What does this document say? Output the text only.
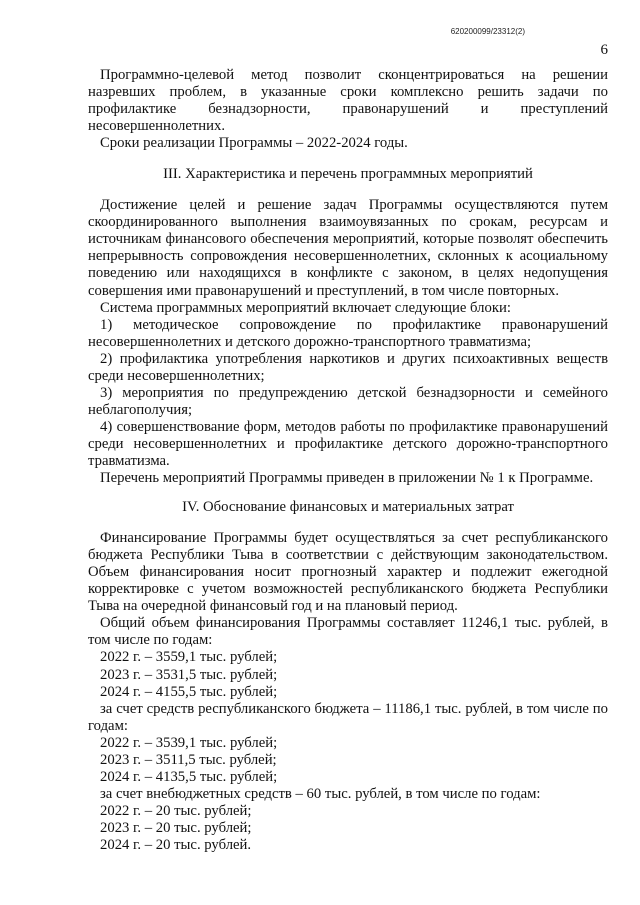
620200099/23312(2)
6

Программно-целевой метод позволит сконцентрироваться на решении назревших проблем, в указанные сроки комплексно решить задачи по профилактике безнадзорности, правонарушений и преступлений несовершеннолетних.

Сроки реализации Программы – 2022-2024 годы.

III. Характеристика и перечень программных мероприятий

Достижение целей и решение задач Программы осуществляются путем скоординированного выполнения взаимоувязанных по срокам, ресурсам и источникам финансового обеспечения мероприятий, которые позволят обеспечить непрерывность сопровождения несовершеннолетних, склонных к асоциальному поведению или находящихся в конфликте с законом, в целях недопущения совершения ими правонарушений и преступлений, в том числе повторных.

Система программных мероприятий включает следующие блоки:

1) методическое сопровождение по профилактике правонарушений несовершеннолетних и детского дорожно-транспортного травматизма;

2) профилактика употребления наркотиков и других психоактивных веществ среди несовершеннолетних;

3) мероприятия по предупреждению детской безнадзорности и семейного неблагополучия;

4) совершенствование форм, методов работы по профилактике правонарушений среди несовершеннолетних и профилактике детского дорожно-транспортного травматизма.

Перечень мероприятий Программы приведен в приложении № 1 к Программе.

IV. Обоснование финансовых и материальных затрат

Финансирование Программы будет осуществляться за счет республиканского бюджета Республики Тыва в соответствии с действующим законодательством. Объем финансирования носит прогнозный характер и подлежит ежегодной корректировке с учетом возможностей республиканского бюджета Республики Тыва на очередной финансовый год и на плановый период.

Общий объем финансирования Программы составляет 11246,1 тыс. рублей, в том числе по годам:

2022 г. – 3559,1 тыс. рублей;

2023 г. – 3531,5 тыс. рублей;

2024 г. – 4155,5 тыс. рублей;

за счет средств республиканского бюджета – 11186,1 тыс. рублей, в том числе по годам:

2022 г. – 3539,1 тыс. рублей;

2023 г. – 3511,5 тыс. рублей;

2024 г. – 4135,5 тыс. рублей;

за счет внебюджетных средств – 60 тыс. рублей, в том числе по годам:

2022 г. – 20 тыс. рублей;

2023 г. – 20 тыс. рублей;

2024 г. – 20 тыс. рублей.
